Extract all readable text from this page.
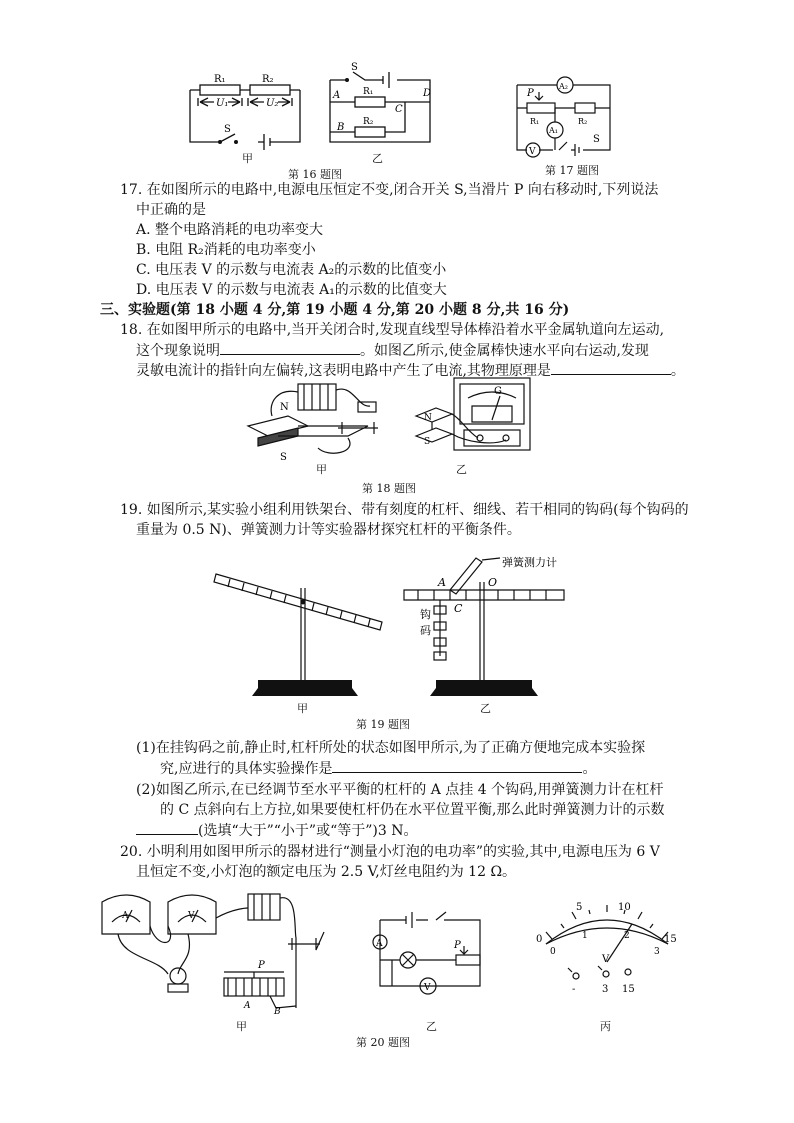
R₁	R₂
U₁	U₂
S
甲
S
A	D
R₁
C
B R₂
乙
第 16 题图
A₂
P
R₁
A₁
R₂
S
V
第 17 题图
17. 在如图所示的电路中,电源电压恒定不变,闭合开关 S,当滑片 P 向右移动时,下列说法
中正确的是
A. 整个电路消耗的电功率变大
B. 电阻 R₂消耗的电功率变小
C. 电压表 V 的示数与电流表 A₂的示数的比值变小
D. 电压表 V 的示数与电流表 A₁的示数的比值变大
三、实验题(第 18 小题 4 分,第 19 小题 4 分,第 20 小题 8 分,共 16 分)
18. 在如图甲所示的电路中,当开关闭合时,发现直线型导体棒沿着水平金属轨道向左运动,
这个现象说明	。如图乙所示,使金属棒快速水平向右运动,发现
灵敏电流计的指针向左偏转,这表明电路中产生了电流,其物理原理是	。
N
S
甲
G
N
S
乙
第 18 题图
19. 如图所示,某实验小组利用铁架台、带有刻度的杠杆、细线、若干相同的钩码(每个钩码的
重量为 0.5 N)、弹簧测力计等实验器材探究杠杆的平衡条件。
甲
弹簧测力计
A	O
C
钩
码
乙
第 19 题图
(1)在挂钩码之前,静止时,杠杆所处的状态如图甲所示,为了正确方便地完成本实验探
究,应进行的具体实验操作是	。
(2)如图乙所示,在已经调节至水平平衡的杠杆的 A 点挂 4 个钩码,用弹簧测力计在杠杆
的 C 点斜向右上方拉,如果要使杠杆仍在水平位置平衡,那么此时弹簧测力计的示数
(选填“大于”“小于”或“等于”)3 N。
20. 小明利用如图甲所示的器材进行“测量小灯泡的电功率”的实验,其中,电源电压为 6 V
且恒定不变,小灯泡的额定电压为 2.5 V,灯丝电阻约为 12 Ω。
A	V
P
A
B
甲
A	P
V
乙
0
5	10
15
1	2
3
0
V
-	3 15
丙
第 20 题图
